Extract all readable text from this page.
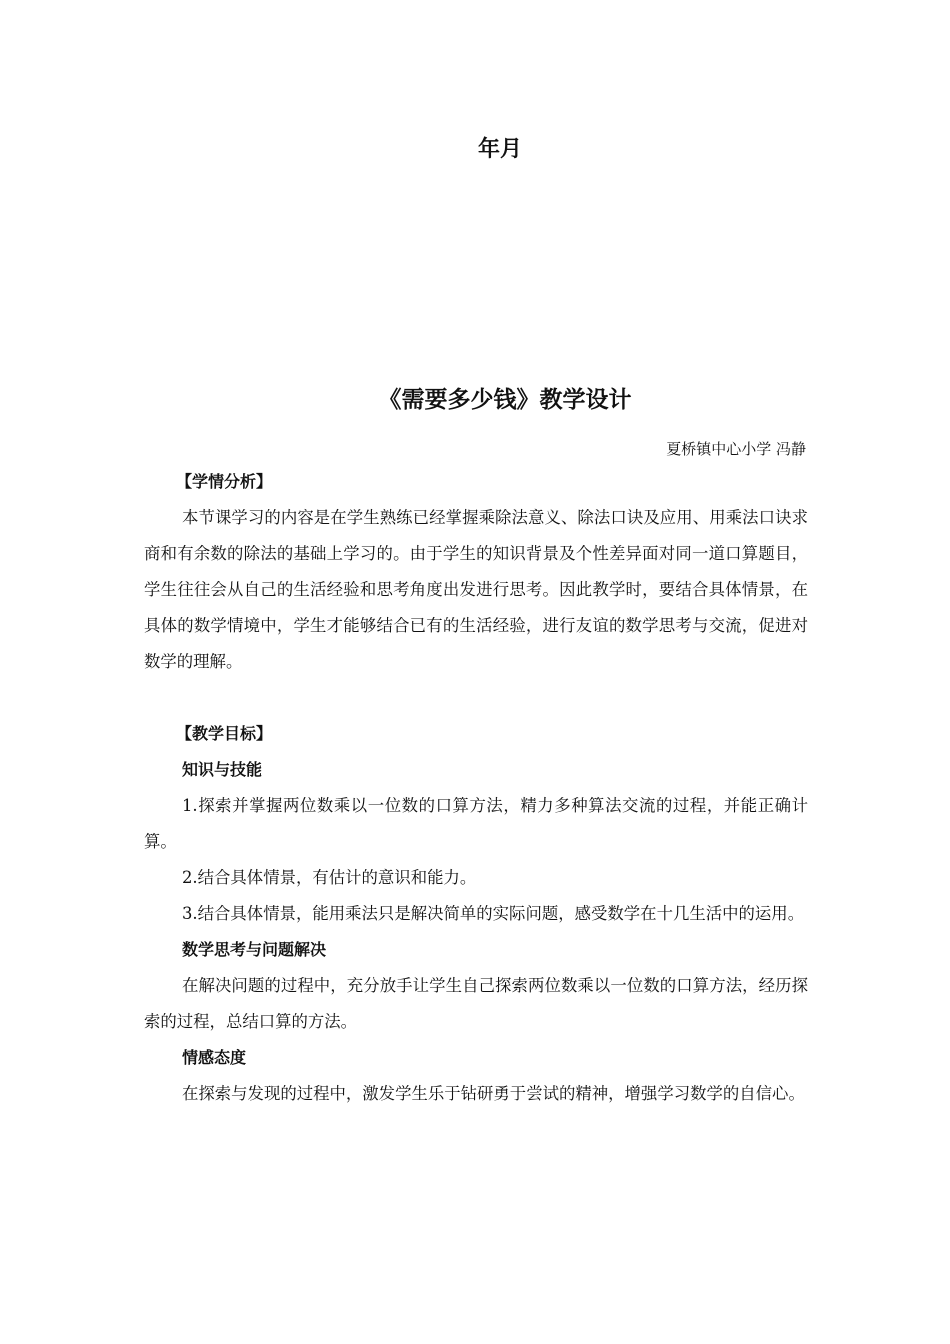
年月
《需要多少钱》教学设计
夏桥镇中心小学 冯静

【学情分析】

本节课学习的内容是在学生熟练已经掌握乘除法意义、除法口诀及应用、用乘法口诀求商和有余数的除法的基础上学习的。由于学生的知识背景及个性差异面对同一道口算题目，学生往往会从自己的生活经验和思考角度出发进行思考。因此教学时，要结合具体情景，在具体的数学情境中，学生才能够结合已有的生活经验，进行友谊的数学思考与交流，促进对数学的理解。

【教学目标】

知识与技能

1.探索并掌握两位数乘以一位数的口算方法，精力多种算法交流的过程，并能正确计算。

2.结合具体情景，有估计的意识和能力。

3.结合具体情景，能用乘法只是解决简单的实际问题，感受数学在十几生活中的运用。

数学思考与问题解决

在解决问题的过程中，充分放手让学生自己探索两位数乘以一位数的口算方法，经历探索的过程，总结口算的方法。

情感态度

在探索与发现的过程中，激发学生乐于钻研勇于尝试的精神，增强学习数学的自信心。
